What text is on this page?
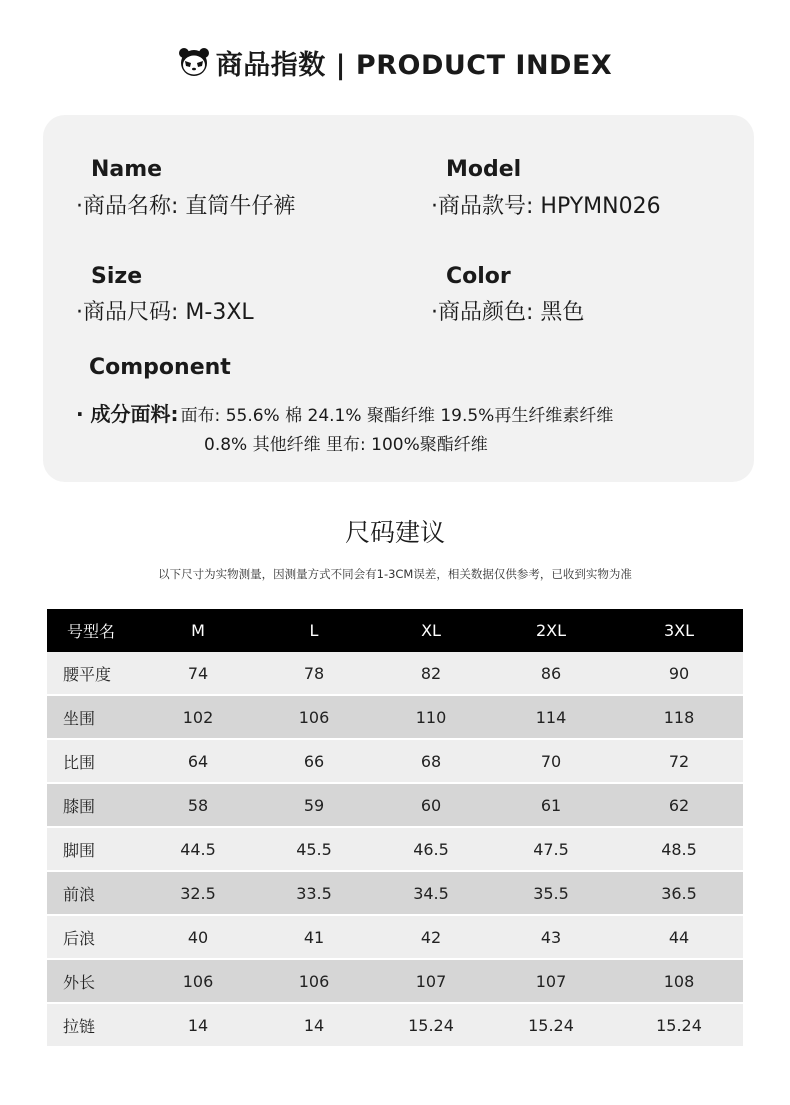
商品指数 | PRODUCT INDEX
Name
·商品名称: 直筒牛仔裤
Model
·商品款号: HPYMN026
Size
·商品尺码: M-3XL
Color
·商品颜色: 黑色
Component
· 成分面料: 面布: 55.6% 棉 24.1% 聚酯纤维 19.5%再生纤维素纤维
0.8% 其他纤维 里布: 100%聚酯纤维
尺码建议
以下尺寸为实物测量，因测量方式不同会有1-3CM误差，相关数据仅供参考，已收到实物为准
号型名	M	L	XL	2XL	3XL
腰平度	74	78	82	86	90
坐围	102	106	110	114	118
比围	64	66	68	70	72
膝围	58	59	60	61	62
脚围	44.5	45.5	46.5	47.5	48.5
前浪	32.5	33.5	34.5	35.5	36.5
后浪	40	41	42	43	44
外长	106	106	107	107	108
拉链	14	14	15.24	15.24	15.24
